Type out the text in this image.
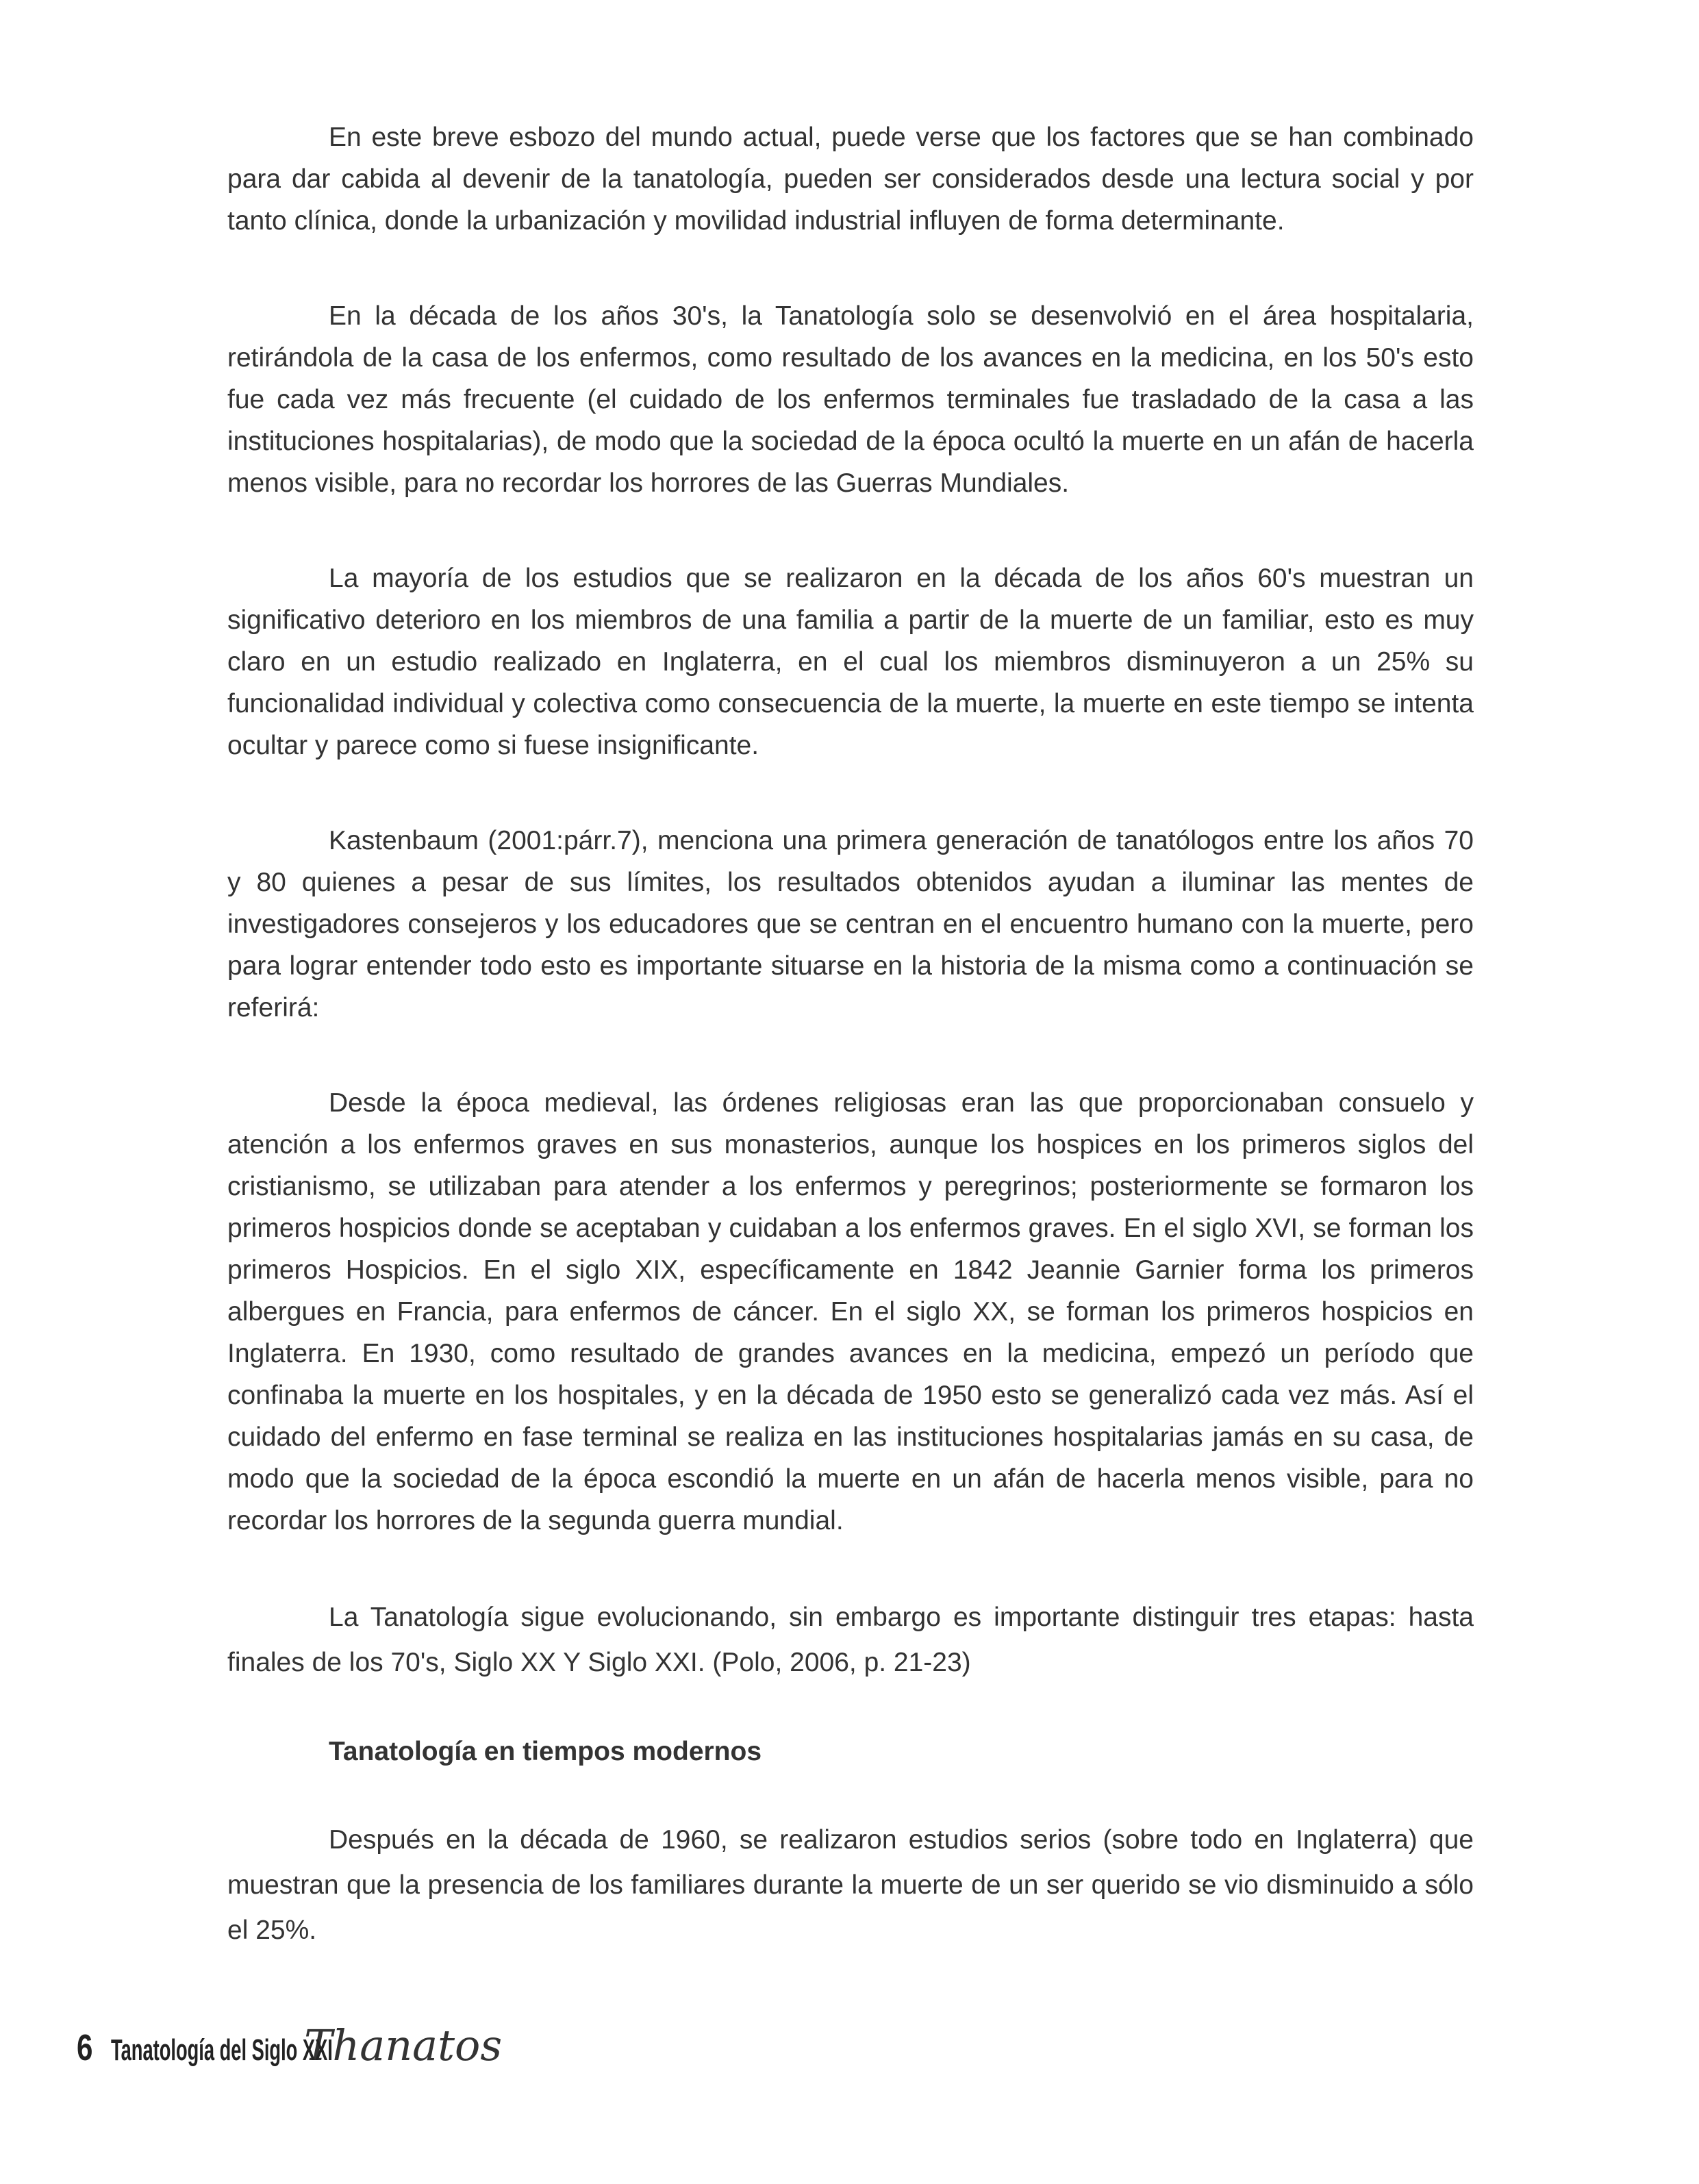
En este breve esbozo del mundo actual, puede verse que los factores que se han combinado para dar cabida al devenir de la tanatología, pueden ser considerados desde una lectura social y por tanto clínica, donde la urbanización y movilidad industrial influyen de forma determinante.

En la década de los años 30's, la Tanatología solo se desenvolvió en el área hospitalaria, retirándola de la casa de los enfermos, como resultado de los avances en la medicina, en los 50's esto fue cada vez más frecuente (el cuidado de los enfermos terminales fue trasladado de la casa a las instituciones hospitalarias), de modo que la sociedad de la época ocultó la muerte en un afán de hacerla menos visible, para no recordar los horrores de las Guerras Mundiales.

La mayoría de los estudios que se realizaron en la década de los años 60's muestran un significativo deterioro en los miembros de una familia a partir de la muerte de un familiar, esto es muy claro en un estudio realizado en Inglaterra, en el cual los miembros disminuyeron a un 25% su funcionalidad individual y colectiva como consecuencia de la muerte, la muerte en este tiempo se intenta ocultar y parece como si fuese insignificante.

Kastenbaum (2001:párr.7), menciona una primera generación de tanatólogos entre los años 70 y 80 quienes a pesar de sus límites, los resultados obtenidos ayudan a iluminar las mentes de investigadores consejeros y los educadores que se centran en el encuentro humano con la muerte, pero para lograr entender todo esto es importante situarse en la historia de la misma como a continuación se referirá:

Desde la época medieval, las órdenes religiosas eran las que proporcionaban consuelo y atención a los enfermos graves en sus monasterios, aunque los hospices en los primeros siglos del cristianismo, se utilizaban para atender a los enfermos y peregrinos; posteriormente se formaron los primeros hospicios donde se aceptaban y cuidaban a los enfermos graves. En el siglo XVI, se forman los primeros Hospicios. En el siglo XIX, específicamente en 1842 Jeannie Garnier forma los primeros albergues en Francia, para enfermos de cáncer. En el siglo XX, se forman los primeros hospicios en Inglaterra. En 1930, como resultado de grandes avances en la medicina, empezó un período que confinaba la muerte en los hospitales, y en la década de 1950 esto se generalizó cada vez más. Así el cuidado del enfermo en fase terminal se realiza en las instituciones hospitalarias jamás en su casa, de modo que la sociedad de la época escondió la muerte en un afán de hacerla menos visible, para no recordar los horrores de la segunda guerra mundial.

La Tanatología sigue evolucionando, sin embargo es importante distinguir tres etapas: hasta finales de los 70's, Siglo XX Y Siglo XXI. (Polo, 2006, p. 21-23)

Tanatología en tiempos modernos

Después en la década de 1960, se realizaron estudios serios (sobre todo en Inglaterra) que muestran que la presencia de los familiares durante la muerte de un ser querido se vio disminuido a sólo el 25%.

6 Tanatología del Siglo XXI
Thanatos
